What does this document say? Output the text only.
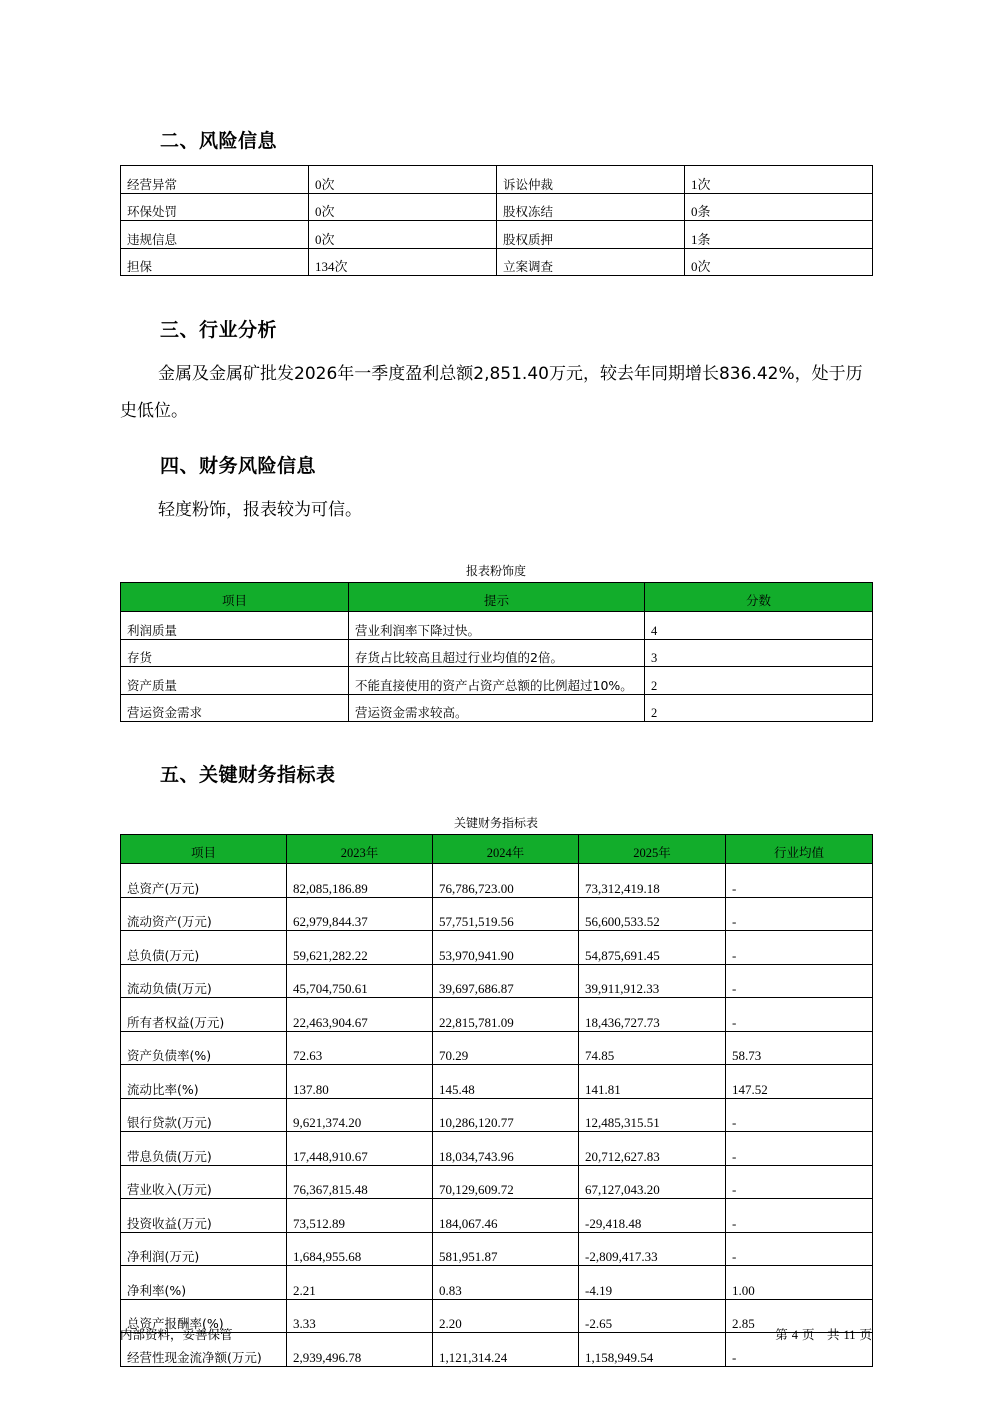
二、风险信息
经营异常	0次	诉讼仲裁	1次
环保处罚	0次	股权冻结	0条
违规信息	0次	股权质押	1条
担保	134次	立案调查	0次
三、行业分析

金属及金属矿批发2026年一季度盈利总额2,851.40万元，较去年同期增长836.42%，处于历史低位。

四、财务风险信息

轻度粉饰，报表较为可信。

报表粉饰度
项目	提示	分数
利润质量	营业利润率下降过快。	4
存货	存货占比较高且超过行业均值的2倍。	3
资产质量	不能直接使用的资产占资产总额的比例超过10%。	2
营运资金需求	营运资金需求较高。	2
五、关键财务指标表
关键财务指标表
项目	2023年	2024年	2025年	行业均值
总资产(万元)	82,085,186.89	76,786,723.00	73,312,419.18	-
流动资产(万元)	62,979,844.37	57,751,519.56	56,600,533.52	-
总负债(万元)	59,621,282.22	53,970,941.90	54,875,691.45	-
流动负债(万元)	45,704,750.61	39,697,686.87	39,911,912.33	-
所有者权益(万元)	22,463,904.67	22,815,781.09	18,436,727.73	-
资产负债率(%)	72.63	70.29	74.85	58.73
流动比率(%)	137.80	145.48	141.81	147.52
银行贷款(万元)	9,621,374.20	10,286,120.77	12,485,315.51	-
带息负债(万元)	17,448,910.67	18,034,743.96	20,712,627.83	-
营业收入(万元)	76,367,815.48	70,129,609.72	67,127,043.20	-
投资收益(万元)	73,512.89	184,067.46	-29,418.48	-
净利润(万元)	1,684,955.68	581,951.87	-2,809,417.33	-
净利率(%)	2.21	0.83	-4.19	1.00
总资产报酬率(%)	3.33	2.20	-2.65	2.85
经营性现金流净额(万元)	2,939,496.78	1,121,314.24	1,158,949.54	-
内部资料，妥善保管	第 4 页　共 11 页
